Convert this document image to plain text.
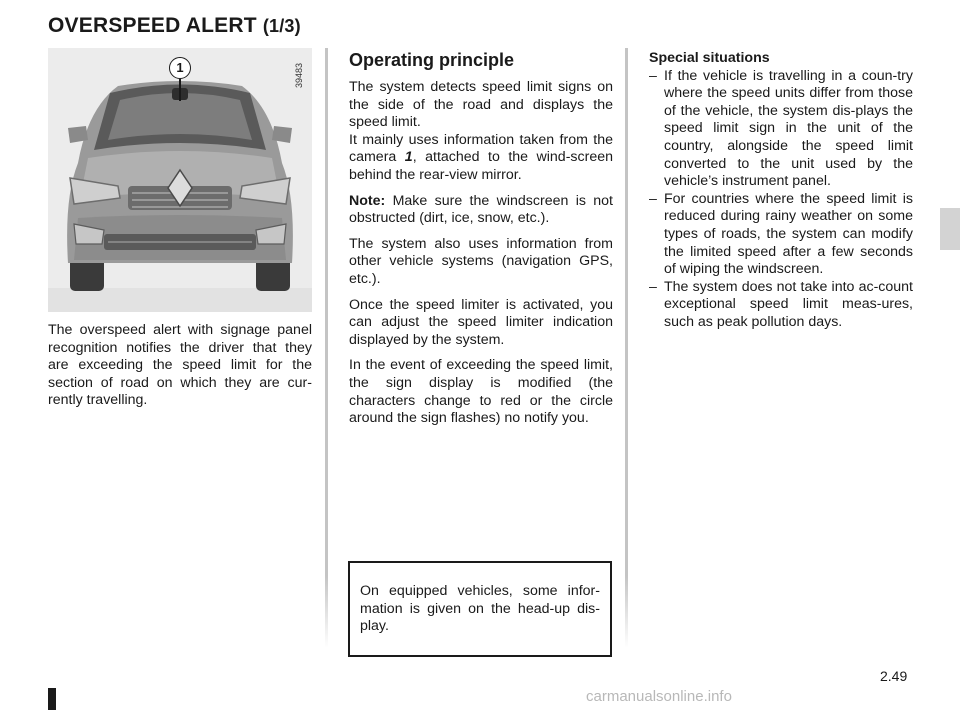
OVERSPEED ALERT (1/3)
39483
1
The overspeed alert with signage panel recognition notifies the driver that they are exceeding the speed limit for the section of road on which they are cur-rently travelling.
Operating principle

The system detects speed limit signs on the side of the road and displays the speed limit.

It mainly uses information taken from the camera 1, attached to the wind-screen behind the rear-view mirror.

Note: Make sure the windscreen is not obstructed (dirt, ice, snow, etc.).

The system also uses information from other vehicle systems (navigation GPS, etc.).

Once the speed limiter is activated, you can adjust the speed limiter indication displayed by the system.

In the event of exceeding the speed limit, the sign display is modified (the characters change to red or the circle around the sign flashes) no notify you.

On equipped vehicles, some infor-mation is given on the head-up dis-play.
Special situations
– If the vehicle is travelling in a coun-try where the speed units differ from those of the vehicle, the system dis-plays the speed limit sign in the unit of the country, alongside the speed limit converted to the unit used by the vehicle’s instrument panel.
– For countries where the speed limit is reduced during rainy weather on some types of roads, the system can modify the limited speed after a few seconds of wiping the windscreen.
– The system does not take into ac-count exceptional speed limit meas-ures, such as peak pollution days.
2.49
carmanualsonline.info
